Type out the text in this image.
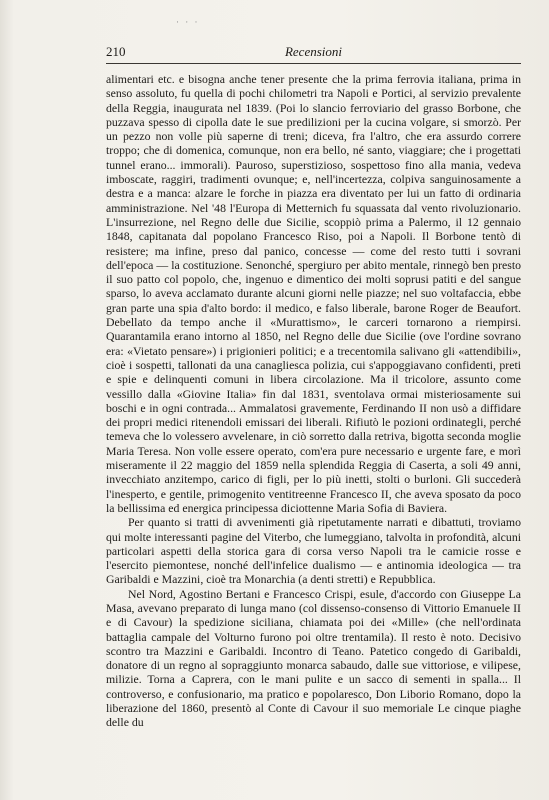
· · ·
210	Recensioni

alimentari etc. e bisogna anche tener presente che la prima ferrovia italiana, prima in senso assoluto, fu quella di pochi chilometri tra Napoli e Portici, al servizio prevalente della Reggia, inaugurata nel 1839. (Poi lo slancio ferroviario del grasso Borbone, che puzzava spesso di cipolla date le sue predilizioni per la cucina volgare, si smorzò. Per un pezzo non volle più saperne di treni; diceva, fra l'altro, che era assurdo correre troppo; che di domenica, comunque, non era bello, né santo, viaggiare; che i progettati tunnel erano... immorali). Pauroso, superstizioso, sospettoso fino alla mania, vedeva imboscate, raggiri, tradimenti ovunque; e, nell'incertezza, colpiva sanguinosamente a destra e a manca: alzare le forche in piazza era diventato per lui un fatto di ordinaria amministrazione. Nel '48 l'Europa di Metternich fu squassata dal vento rivoluzionario. L'insurrezione, nel Regno delle due Sicilie, scoppiò prima a Palermo, il 12 gennaio 1848, capitanata dal popolano Francesco Riso, poi a Napoli. Il Borbone tentò di resistere; ma infine, preso dal panico, concesse — come del resto tutti i sovrani dell'epoca — la costituzione. Senonché, spergiuro per abito mentale, rinnegò ben presto il suo patto col popolo, che, ingenuo e dimentico dei molti soprusi patiti e del sangue sparso, lo aveva acclamato durante alcuni giorni nelle piazze; nel suo voltafaccia, ebbe gran parte una spia d'alto bordo: il medico, e falso liberale, barone Roger de Beaufort. Debellato da tempo anche il «Murattismo», le carceri tornarono a riempirsi. Quarantamila erano intorno al 1850, nel Regno delle due Sicilie (ove l'ordine sovrano era: «Vietato pensare») i prigionieri politici; e a trecentomila salivano gli «attendibili», cioè i sospetti, tallonati da una canagliesca polizia, cui s'appoggiavano confidenti, preti e spie e delinquenti comuni in libera circolazione. Ma il tricolore, assunto come vessillo dalla «Giovine Italia» fin dal 1831, sventolava ormai misteriosamente sui boschi e in ogni contrada... Ammalatosi gravemente, Ferdinando II non usò a diffidare dei propri medici ritenendoli emissari dei liberali. Rifiutò le pozioni ordinategli, perché temeva che lo volessero avvelenare, in ciò sorretto dalla retriva, bigotta seconda moglie Maria Teresa. Non volle essere operato, com'era pure necessario e urgente fare, e morì miseramente il 22 maggio del 1859 nella splendida Reggia di Caserta, a soli 49 anni, invecchiato anzitempo, carico di figli, per lo più inetti, stolti o burloni. Gli succederà l'inesperto, e gentile, primogenito ventitreenne Francesco II, che aveva sposato da poco la bellissima ed energica principessa diciottenne Maria Sofia di Baviera.

Per quanto si tratti di avvenimenti già ripetutamente narrati e dibattuti, troviamo qui molte interessanti pagine del Viterbo, che lumeggiano, talvolta in profondità, alcuni particolari aspetti della storica gara di corsa verso Napoli tra le camicie rosse e l'esercito piemontese, nonché dell'infelice dualismo — e antinomia ideologica — tra Garibaldi e Mazzini, cioè tra Monarchia (a denti stretti) e Repubblica.

Nel Nord, Agostino Bertani e Francesco Crispi, esule, d'accordo con Giuseppe La Masa, avevano preparato di lunga mano (col dissenso-consenso di Vittorio Emanuele II e di Cavour) la spedizione siciliana, chiamata poi dei «Mille» (che nell'ordinata battaglia campale del Volturno furono poi oltre trentamila). Il resto è noto. Decisivo scontro tra Mazzini e Garibaldi. Incontro di Teano. Patetico congedo di Garibaldi, donatore di un regno al sopraggiunto monarca sabaudo, dalle sue vittoriose, e vilipese, milizie. Torna a Caprera, con le mani pulite e un sacco di sementi in spalla... Il controverso, e confusionario, ma pratico e popolaresco, Don Liborio Romano, dopo la liberazione del 1860, presentò al Conte di Cavour il suo memoriale Le cinque piaghe delle du
